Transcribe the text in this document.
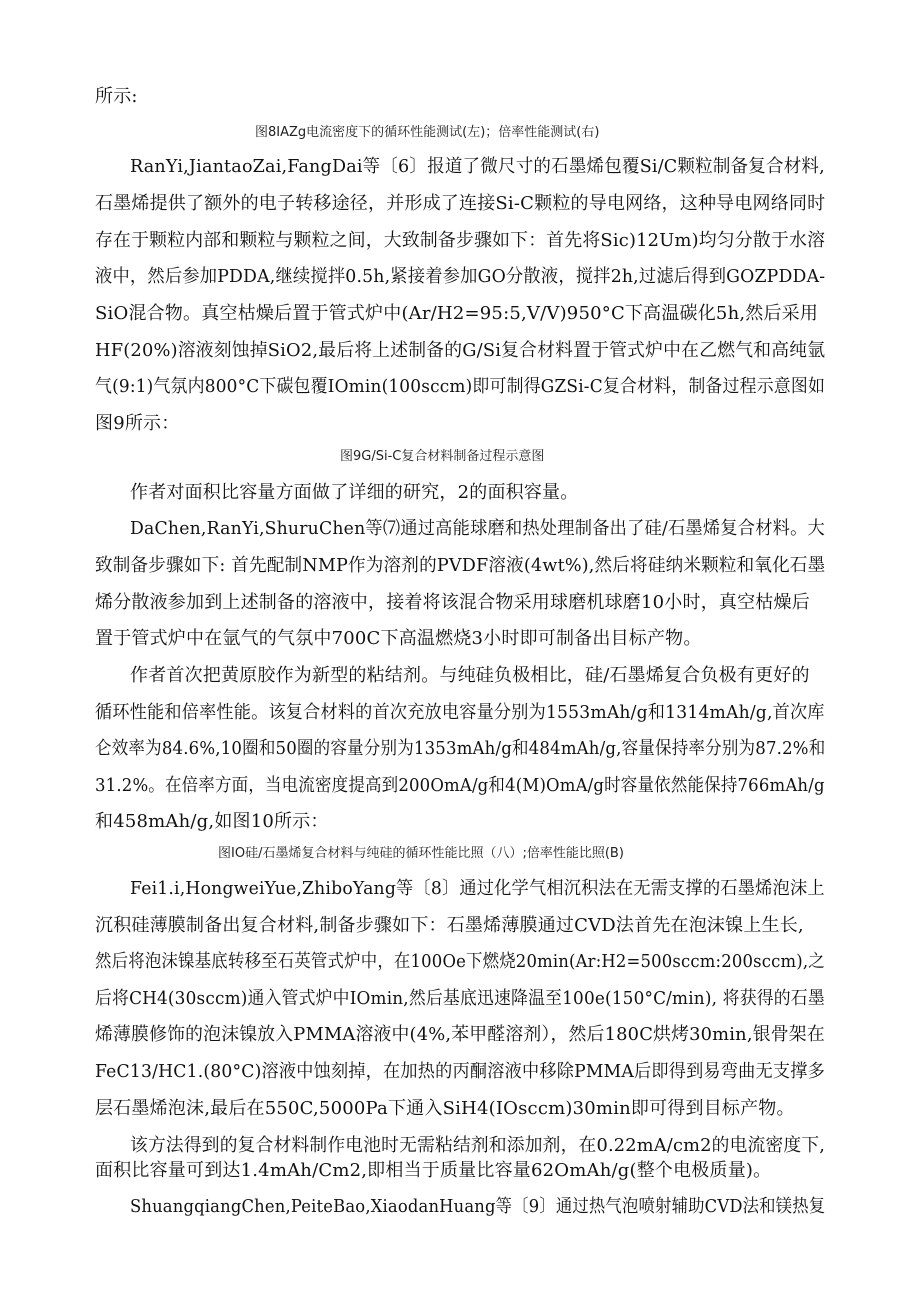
所示:
图8IAZg电流密度下的循环性能测试(左)；倍率性能测试(右)
RanYi,JiantaoZai,FangDai等〔6〕报道了微尺寸的石墨烯包覆Si/C颗粒制备复合材料,
石墨烯提供了额外的电子转移途径，并形成了连接Si-C颗粒的导电网络，这种导电网络同时
存在于颗粒内部和颗粒与颗粒之间，大致制备步骤如下：首先将Sic)12Um)均匀分散于水溶
液中，然后参加PDDA,继续搅拌0.5h,紧接着参加GO分散液，搅拌2h,过滤后得到GOZPDDA-
SiO混合物。真空枯燥后置于管式炉中(Ar/H2=95:5,V/V)950°C下高温碳化5h,然后采用
HF(20%)溶液刻蚀掉SiO2,最后将上述制备的G/Si复合材料置于管式炉中在乙燃气和高纯氩
气(9:1)气氛内800°C下碳包覆IOmin(100sccm)即可制得GZSi-C复合材料，制备过程示意图如
图9所示：
图9G/Si-C复合材料制备过程示意图
作者对面积比容量方面做了详细的研究，2的面积容量。
DaChen,RanYi,ShuruChen等⑺通过高能球磨和热处理制备出了硅/石墨烯复合材料。大
致制备步骤如下: 首先配制NMP作为溶剂的PVDF溶液(4wt%),然后将硅纳米颗粒和氧化石墨
烯分散液参加到上述制备的溶液中，接着将该混合物采用球磨机球磨10小时，真空枯燥后
置于管式炉中在氩气的气氛中700C下高温燃烧3小时即可制备出目标产物。
作者首次把黄原胶作为新型的粘结剂。与纯硅负极相比，硅/石墨烯复合负极有更好的
循环性能和倍率性能。该复合材料的首次充放电容量分别为1553mAh/g和1314mAh/g,首次库
仑效率为84.6%,10圈和50圈的容量分别为1353mAh/g和484mAh/g,容量保持率分别为87.2%和
31.2%。在倍率方面，当电流密度提高到200OmA/g和4(M)OmA/g时容量依然能保持766mAh/g
和458mAh/g,如图10所示：
图IO硅/石墨烯复合材料与纯硅的循环性能比照（八）;倍率性能比照(B)
Fei1.i,HongweiYue,ZhiboYang等〔8〕通过化学气相沉积法在无需支撑的石墨烯泡沫上
沉积硅薄膜制备出复合材料,制备步骤如下：石墨烯薄膜通过CVD法首先在泡沫镍上生长,
然后将泡沫镍基底转移至石英管式炉中，在100Oe下燃烧20min(Ar:H2=500sccm:200sccm),之
后将CH4(30sccm)通入管式炉中IOmin,然后基底迅速降温至100e(150°C/min), 将获得的石墨
烯薄膜修饰的泡沫镍放入PMMA溶液中(4%,苯甲醛溶剂），然后180C烘烤30min,银骨架在
FeC13/HC1.(80°C)溶液中蚀刻掉，在加热的丙酮溶液中移除PMMA后即得到易弯曲无支撑多
层石墨烯泡沫,最后在550C,5000Pa下通入SiH4(IOsccm)30min即可得到目标产物。
该方法得到的复合材料制作电池时无需粘结剂和添加剂，在0.22mA/cm2的电流密度下,
面积比容量可到达1.4mAh/Cm2,即相当于质量比容量62OmAh/g(整个电极质量)。
ShuangqiangChen,PeiteBao,XiaodanHuang等〔9〕通过热气泡喷射辅助CVD法和镁热复
